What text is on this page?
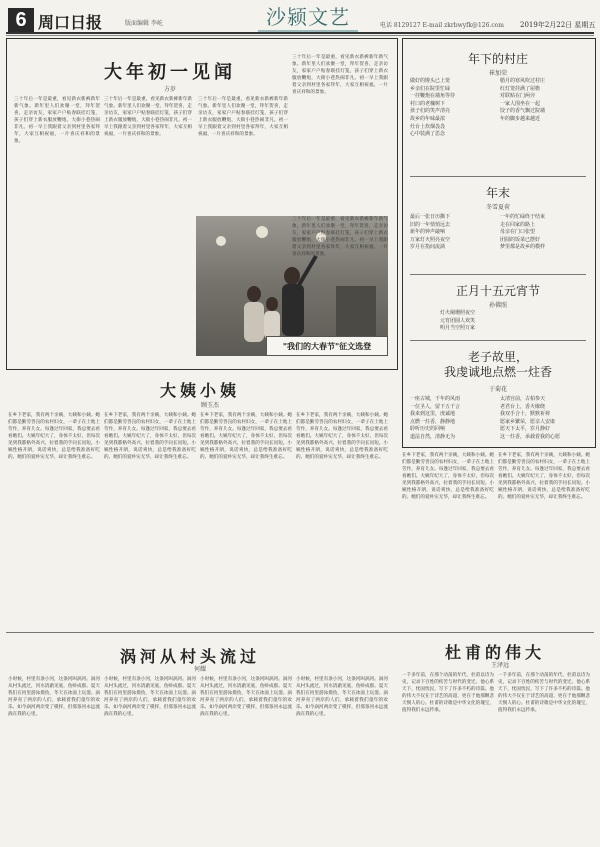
6 周口日报	版面编辑 李屹	沙颍文艺	电话 8129127 E-mail zkrbwyfk@126.com 2019年2月22日 星期五
大年初一见闻
方岁
三十年后一年是最重，看见新衣新裤新年新气象。新年里人们欢聚一堂，拜年贺喜，走亲访友，家家户户贴春联挂灯笼，孩子们穿上新衣服放鞭炮，大街小巷热闹非凡。初一早上我跟着父亲到村里各家拜年，大家互相祝福，一片喜庆祥和的景象。
三十年后一年是最重，看见新衣新裤新年新气象。新年里人们欢聚一堂，拜年贺喜，走亲访友，家家户户贴春联挂灯笼，孩子们穿上新衣服放鞭炮，大街小巷热闹非凡。初一早上我跟着父亲到村里各家拜年，大家互相祝福，一片喜庆祥和的景象。
三十年后一年是最重，看见新衣新裤新年新气象。新年里人们欢聚一堂，拜年贺喜，走亲访友，家家户户贴春联挂灯笼，孩子们穿上新衣服放鞭炮，大街小巷热闹非凡。初一早上我跟着父亲到村里各家拜年，大家互相祝福，一片喜庆祥和的景象。
三十年后一年是最重，看见新衣新裤新年新气象。新年里人们欢聚一堂，拜年贺喜，走亲访友，家家户户贴春联挂灯笼，孩子们穿上新衣服放鞭炮，大街小巷热闹非凡。初一早上我跟着父亲到村里各家拜年，大家互相祝福，一片喜庆祥和的景象。
"我们的大春节"征文选登
三十年后一年是最重，看见新衣新裤新年新气象。新年里人们欢聚一堂，拜年贺喜，走亲访友，家家户户贴春联挂灯笼，孩子们穿上新衣服放鞭炮，大街小巷热闹非凡。初一早上我跟着父亲到村里各家拜年，大家互相祝福，一片喜庆祥和的景象。
年下的村庄
崔加荣
做好的馒头已上笼
乡亲们在院里忙碌
一挂鞭炮在墙角等待
村口的老槐树下
孩子们的笑声清亮
故乡的年味最浓
灶台上炊烟袅袅
心中装满了思念
腊月的寒风吹过村庄
红灯笼挂满了屋檐
对联贴在门两旁
一家人围坐在一起
饺子的香气飘过院墙
年的脚步越来越近
年末
冬雪夏荷
最后一张日历撕下
旧的一年悄悄远去
新年的钟声敲响
万家灯火照亮夜空
岁月在指间流淌
一年的忙碌终于结束
走在回家的路上
母亲在门口张望
团圆的饭菜已摆好
梦里都是故乡的模样
正月十五元宵节
孙佛照
灯火阑珊照夜空
元宵团圆人欢笑
明月当空照万家
老子故里，
我虔诚地点燃一炷香
于菊花
一座古城，千年的风雨
一位圣人，留下五千言
我来到这里，虔诚地
点燃一炷香，静静地
聆听历史的回响
道法自然，清静无为
太清宫前，古柏参天
老君台上，香火缭绕
我双手合十，默默祈祷
愿家乡繁荣，愿亲人安康
愿天下太平，岁月静好
这一炷香，承载着我的心愿
大姨小姨
顾玉杰
在乡下老家，我有两个亲姨，大姨和小姨。她们都是勤劳善良的农村妇女，一辈子在土地上劳作，养育儿女。每逢过年回家，我总要去看看她们。大姨年纪大了，身体不太好，但每次见到我都格外高兴，拉着我的手问长问短。小姨性格开朗，说话爽快，总是给我准备好吃的。她们的爱朴实无华，却让我终生难忘。
在乡下老家，我有两个亲姨，大姨和小姨。她们都是勤劳善良的农村妇女，一辈子在土地上劳作，养育儿女。每逢过年回家，我总要去看看她们。大姨年纪大了，身体不太好，但每次见到我都格外高兴，拉着我的手问长问短。小姨性格开朗，说话爽快，总是给我准备好吃的。她们的爱朴实无华，却让我终生难忘。
在乡下老家，我有两个亲姨，大姨和小姨。她们都是勤劳善良的农村妇女，一辈子在土地上劳作，养育儿女。每逢过年回家，我总要去看看她们。大姨年纪大了，身体不太好，但每次见到我都格外高兴，拉着我的手问长问短。小姨性格开朗，说话爽快，总是给我准备好吃的。她们的爱朴实无华，却让我终生难忘。
在乡下老家，我有两个亲姨，大姨和小姨。她们都是勤劳善良的农村妇女，一辈子在土地上劳作，养育儿女。每逢过年回家，我总要去看看她们。大姨年纪大了，身体不太好，但每次见到我都格外高兴，拉着我的手问长问短。小姨性格开朗，说话爽快，总是给我准备好吃的。她们的爱朴实无华，却让我终生难忘。	在乡下老家，我有两个亲姨，大姨和小姨。她们都是勤劳善良的农村妇女，一辈子在土地上劳作，养育儿女。每逢过年回家，我总要去看看她们。大姨年纪大了，身体不太好，但每次见到我都格外高兴，拉着我的手问长问短。小姨性格开朗，说话爽快，总是给我准备好吃的。她们的爱朴实无华，却让我终生难忘。
在乡下老家，我有两个亲姨，大姨和小姨。她们都是勤劳善良的农村妇女，一辈子在土地上劳作，养育儿女。每逢过年回家，我总要去看看她们。大姨年纪大了，身体不太好，但每次见到我都格外高兴，拉着我的手问长问短。小姨性格开朗，说话爽快，总是给我准备好吃的。她们的爱朴实无华，却让我终生难忘。
涡河从村头流过
何耀
小时候，村里有条小河，这条河叫涡河。涡河从村头流过，河水清澈见底，鱼虾成群。夏天我们在河里游泳摸鱼，冬天在冰面上玩耍。涡河养育了两岸的人们，承载着我们童年的欢乐。如今涡河两岸变了模样，但那条河永远流淌在我的心里。
小时候，村里有条小河，这条河叫涡河。涡河从村头流过，河水清澈见底，鱼虾成群。夏天我们在河里游泳摸鱼，冬天在冰面上玩耍。涡河养育了两岸的人们，承载着我们童年的欢乐。如今涡河两岸变了模样，但那条河永远流淌在我的心里。
小时候，村里有条小河，这条河叫涡河。涡河从村头流过，河水清澈见底，鱼虾成群。夏天我们在河里游泳摸鱼，冬天在冰面上玩耍。涡河养育了两岸的人们，承载着我们童年的欢乐。如今涡河两岸变了模样，但那条河永远流淌在我的心里。
小时候，村里有条小河，这条河叫涡河。涡河从村头流过，河水清澈见底，鱼虾成群。夏天我们在河里游泳摸鱼，冬天在冰面上玩耍。涡河养育了两岸的人们，承载着我们童年的欢乐。如今涡河两岸变了模样，但那条河永远流淌在我的心里。
杜甫的伟大
王泽远
一千多年前，在那个动荡的年代，杜甫以诗为史，记录下百姓的疾苦与时代的变迁。他心系天下，忧国忧民，写下了许多不朽的诗篇。他的伟大不仅在于诗艺的高超，更在于他那颗悲天悯人的心。杜甫的诗歌是中华文化的瑰宝，值得我们永远传承。
一千多年前，在那个动荡的年代，杜甫以诗为史，记录下百姓的疾苦与时代的变迁。他心系天下，忧国忧民，写下了许多不朽的诗篇。他的伟大不仅在于诗艺的高超，更在于他那颗悲天悯人的心。杜甫的诗歌是中华文化的瑰宝，值得我们永远传承。
